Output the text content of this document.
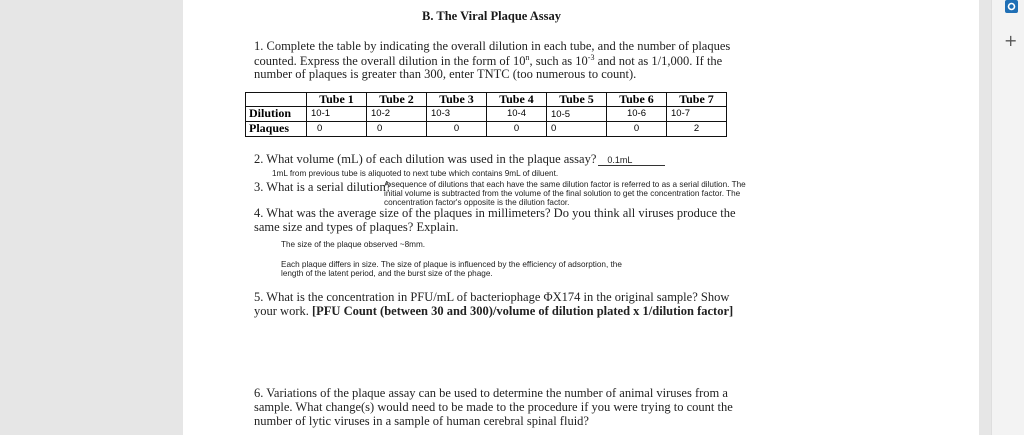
+
B. The Viral Plaque Assay
1. Complete the table by indicating the overall dilution in each tube, and the number of plaques
counted. Express the overall dilution in the form of 10$^n$, such as $10^{-3}$ and not as 1/1,000. If the
number of plaques is greater than 300, enter TNTC (too numerous to count).
	Tube 1	Tube 2	Tube 3	Tube 4	Tube 5	Tube 6	Tube 7
Dilution	10-1	10-2	10-3	10-4	10-5	10-6	10-7
Plaques	0	0	0	0	0	0	2
2. What volume (mL) of each dilution was used in the plaque assay? 0.1mL
1mL from previous tube is aliquoted to next tube which contains 9mL of diluent.
3. What is a serial dilution?
A sequence of dilutions that each have the same dilution factor is referred to as a serial dilution. The
initial volume is subtracted from the volume of the final solution to get the concentration factor. The
concentration factor's opposite is the dilution factor.
4. What was the average size of the plaques in millimeters? Do you think all viruses produce the
same size and types of plaques? Explain.
The size of the plaque observed ~8mm.
Each plaque differs in size. The size of plaque is influenced by the efficiency of adsorption, the
length of the latent period, and the burst size of the phage.
5. What is the concentration in PFU/mL of bacteriophage ΦX174 in the original sample? Show
your work. [PFU Count (between 30 and 300)/volume of dilution plated x 1/dilution factor]
6. Variations of the plaque assay can be used to determine the number of animal viruses from a
sample. What change(s) would need to be made to the procedure if you were trying to count the
number of lytic viruses in a sample of human cerebral spinal fluid?
